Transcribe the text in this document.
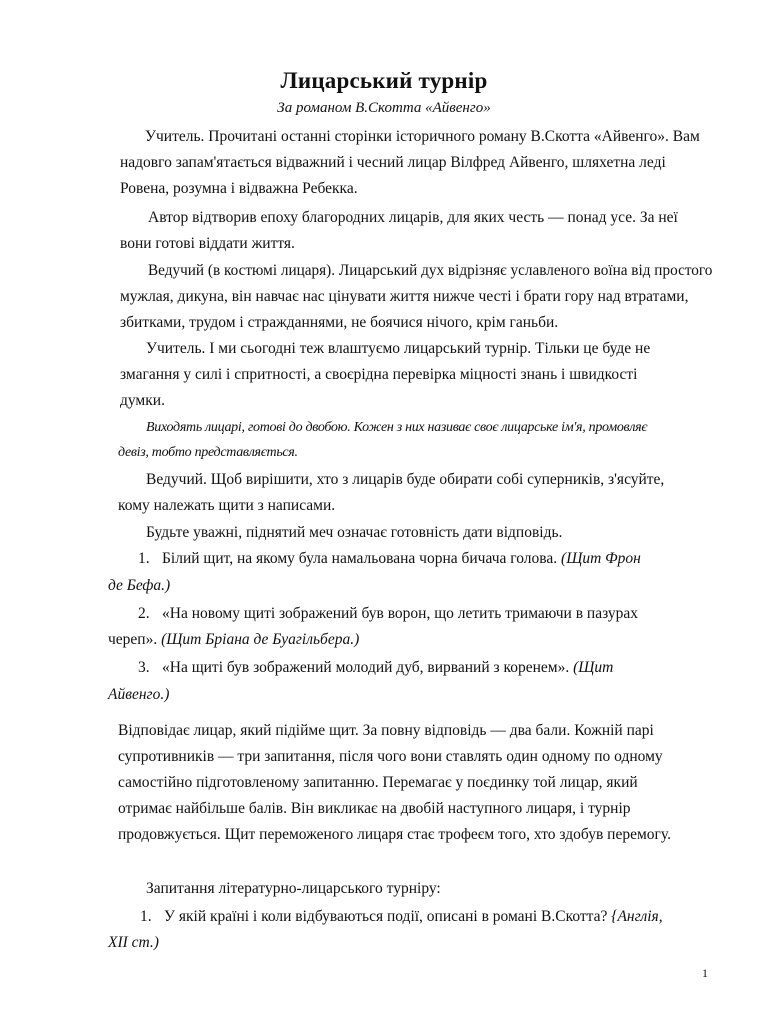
Лицарський турнір
За романом В.Скотта «Айвенго»
Учитель. Прочитані останні сторінки історичного роману В.Скотта «Айвенго». Вам
надовго запам'ятається відважний і чесний лицар Вілфред Айвенго, шляхетна леді
Ровена, розумна і відважна Ребекка.
Автор відтворив епоху благородних лицарів, для яких честь — понад усе. За неї
вони готові віддати життя.
Ведучий (в костюмі лицаря). Лицарський дух відрізняє уславленого воїна від простого
мужлая, дикуна, він навчає нас цінувати життя нижче честі і брати гору над втратами,
збитками, трудом і стражданнями, не боячися нічого, крім ганьби.
Учитель. І ми сьогодні теж влаштуємо лицарський турнір. Тільки це буде не
змагання у силі і спритності, а своєрідна перевірка міцності знань і швидкості
думки.
Виходять лицарі, готові до двобою. Кожен з них називає своє лицарське ім'я, промовляє
девіз, тобто представляється.
Ведучий. Щоб вирішити, хто з лицарів буде обирати собі суперників, з'ясуйте,
кому належать щити з написами.
Будьте уважні, піднятий меч означає готовність дати відповідь.
1. Білий щит, на якому була намальована чорна бичача голова. (Щит Фрон
де Бефа.)
2. «На новому щиті зображений був ворон, що летить тримаючи в пазурах
череп». (Щит Бріана де Буагільбера.)
3. «На щиті був зображений молодий дуб, вирваний з коренем». (Щит
Айвенго.)
Відповідає лицар, який підійме щит. За повну відповідь — два бали. Кожній парі
супротивників — три запитання, після чого вони ставлять один одному по одному
самостійно підготовленому запитанню. Перемагає у поєдинку той лицар, який
отримає найбільше балів. Він викликає на двобій наступного лицаря, і турнір
продовжується. Щит переможеного лицаря стає трофеєм того, хто здобув перемогу.
Запитання літературно-лицарського турніру:
1. У якій країні і коли відбуваються події, описані в романі В.Скотта? {Англія,
XII ст.)
1
